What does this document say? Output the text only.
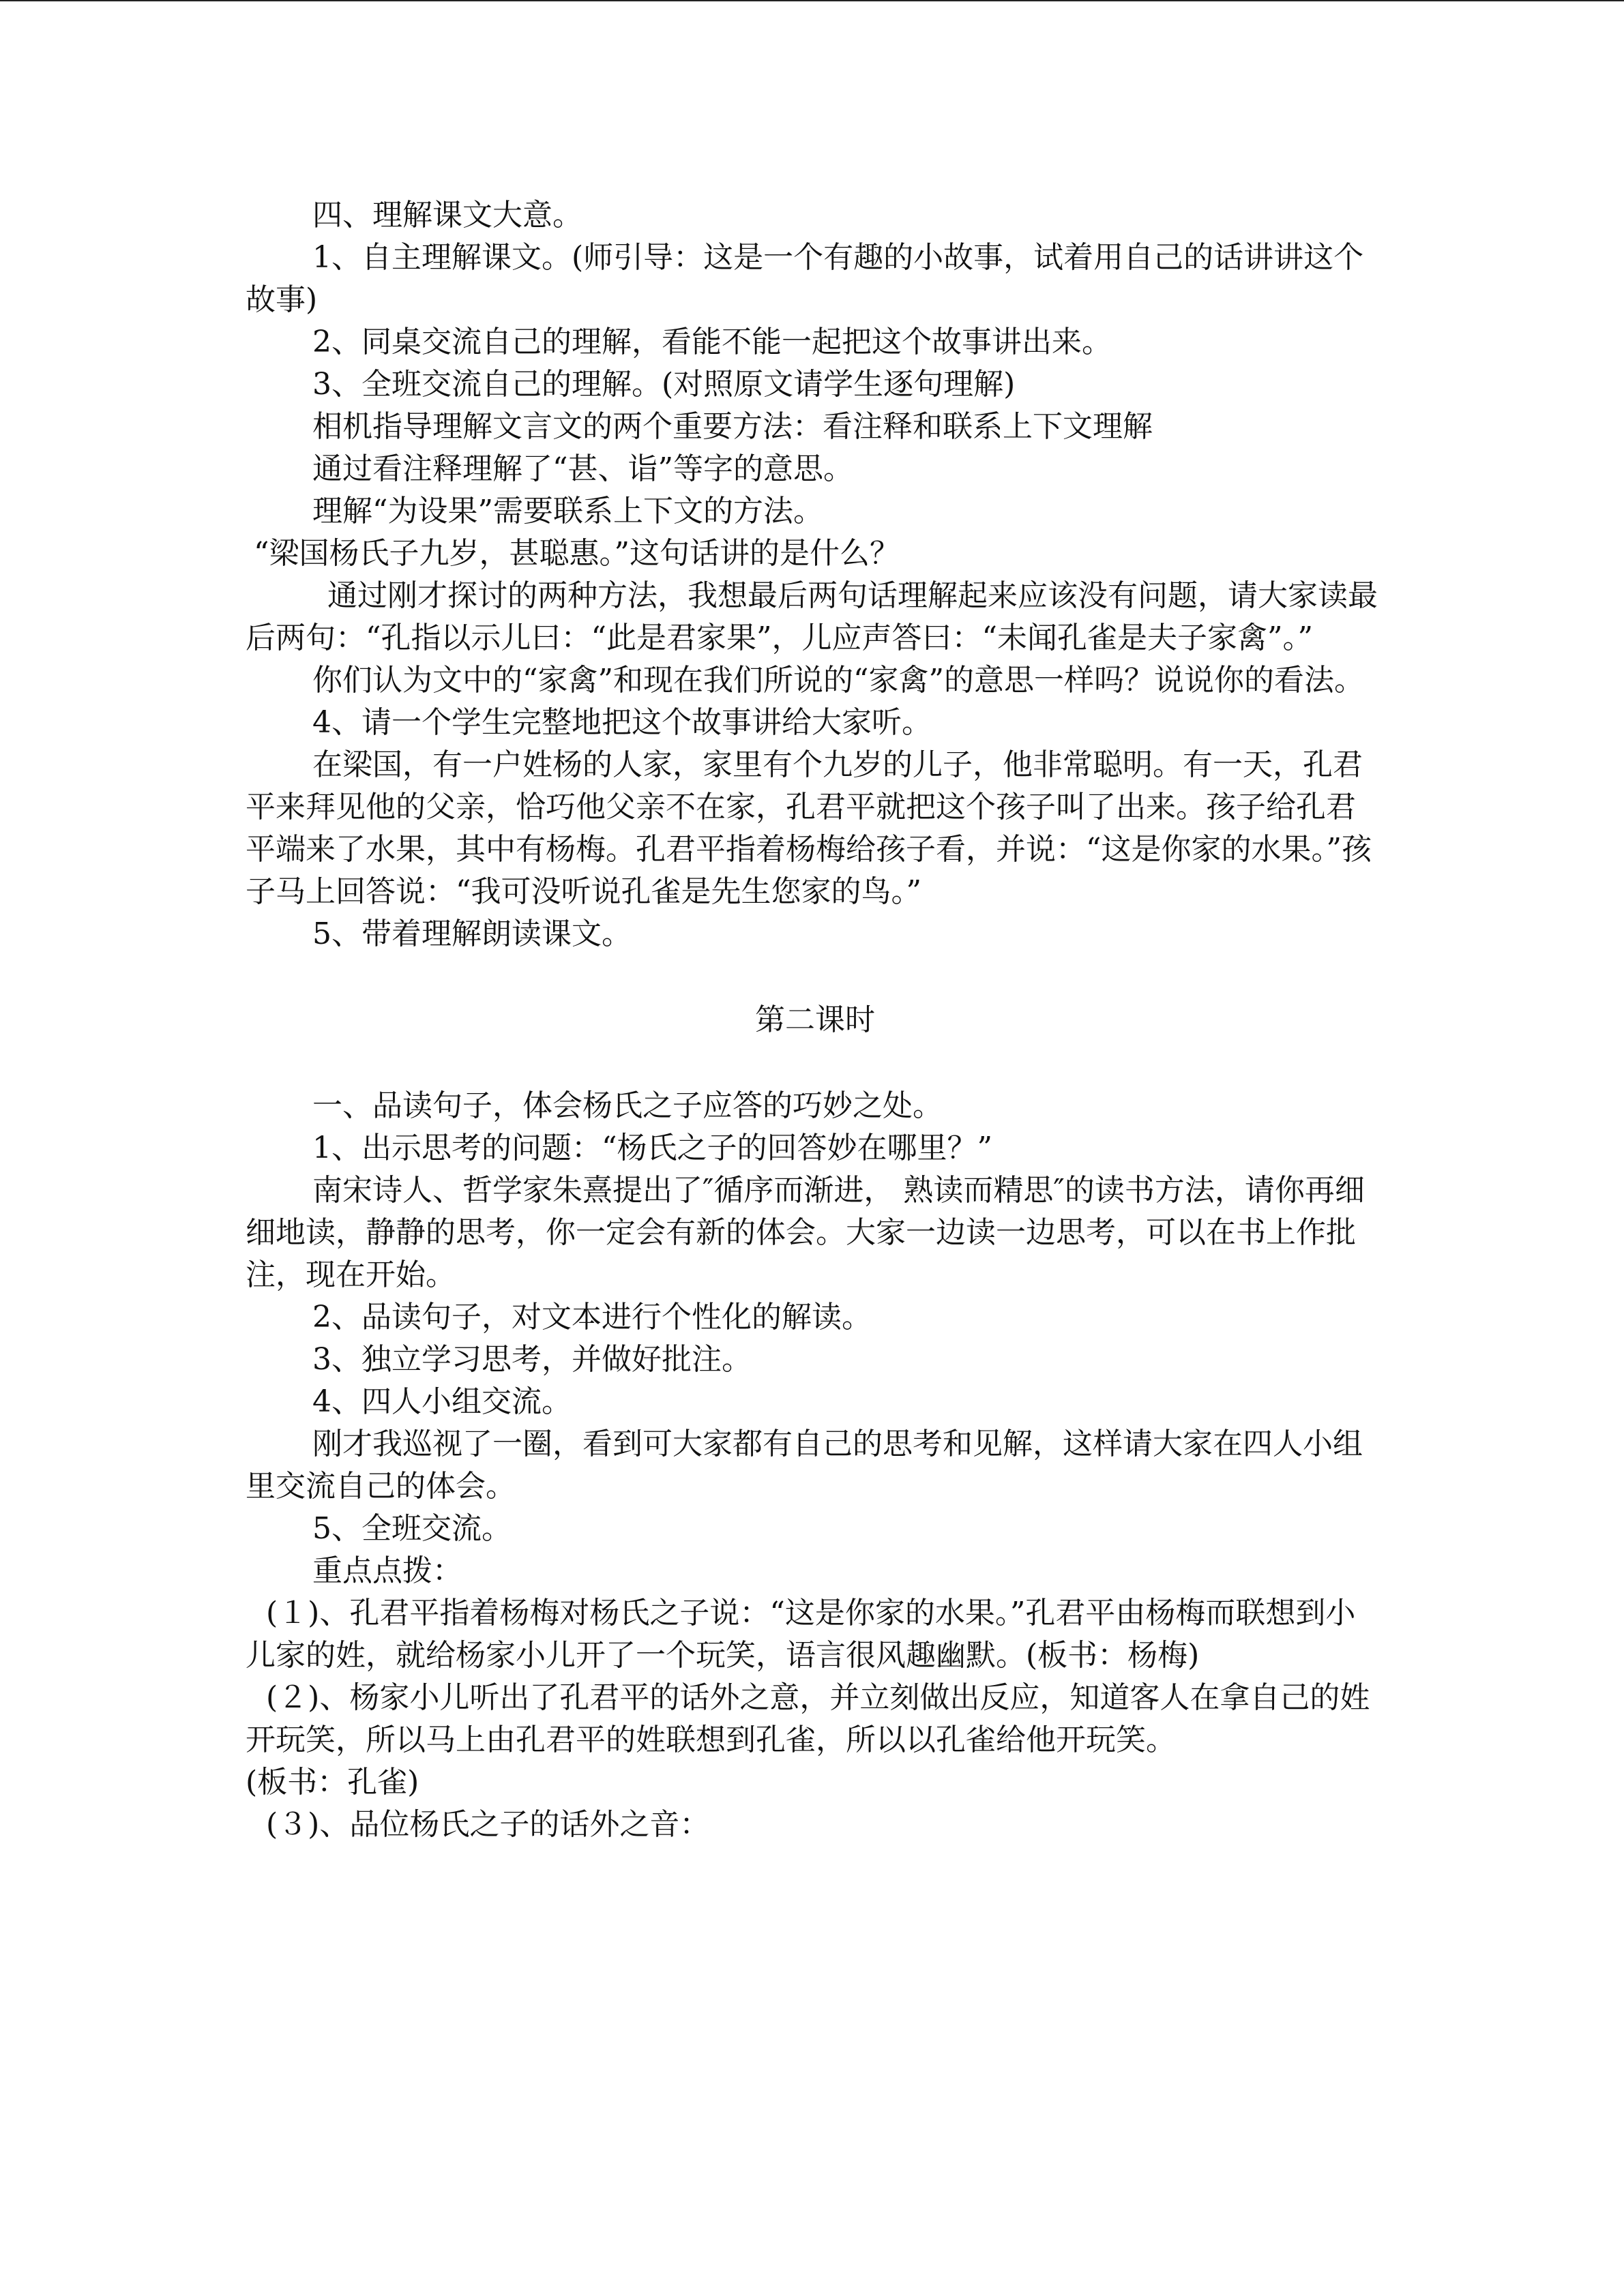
四、理解课文大意。
1、自主理解课文。(师引导：这是一个有趣的小故事，试着用自己的话讲讲这个故事)
2、同桌交流自己的理解，看能不能一起把这个故事讲出来。
3、全班交流自己的理解。(对照原文请学生逐句理解)
相机指导理解文言文的两个重要方法：看注释和联系上下文理解
通过看注释理解了“甚、诣”等字的意思。
理解“为设果”需要联系上下文的方法。
“梁国杨氏子九岁，甚聪惠。”这句话讲的是什么？
通过刚才探讨的两种方法，我想最后两句话理解起来应该没有问题，请大家读最后两句：“孔指以示儿曰：“此是君家果”，儿应声答曰：“未闻孔雀是夫子家禽”。”
你们认为文中的“家禽”和现在我们所说的“家禽”的意思一样吗？说说你的看法。
4、请一个学生完整地把这个故事讲给大家听。
在梁国，有一户姓杨的人家，家里有个九岁的儿子，他非常聪明。有一天，孔君平来拜见他的父亲，恰巧他父亲不在家，孔君平就把这个孩子叫了出来。孩子给孔君平端来了水果，其中有杨梅。孔君平指着杨梅给孩子看，并说：“这是你家的水果。”孩子马上回答说：“我可没听说孔雀是先生您家的鸟。”
5、带着理解朗读课文。
第二课时
一、品读句子，体会杨氏之子应答的巧妙之处。
1、出示思考的问题：“杨氏之子的回答妙在哪里？”
南宋诗人、哲学家朱熹提出了″循序而渐进， 熟读而精思″的读书方法，请你再细细地读，静静的思考，你一定会有新的体会。大家一边读一边思考，可以在书上作批注，现在开始。
2、品读句子，对文本进行个性化的解读。
3、独立学习思考，并做好批注。
4、四人小组交流。
刚才我巡视了一圈，看到可大家都有自己的思考和见解，这样请大家在四人小组里交流自己的体会。
5、全班交流。
重点点拨：
(１)、孔君平指着杨梅对杨氏之子说：“这是你家的水果。”孔君平由杨梅而联想到小儿家的姓，就给杨家小儿开了一个玩笑，语言很风趣幽默。(板书：杨梅)
(２)、杨家小儿听出了孔君平的话外之意，并立刻做出反应，知道客人在拿自己的姓开玩笑，所以马上由孔君平的姓联想到孔雀，所以以孔雀给他开玩笑。
(板书：孔雀)
(３)、品位杨氏之子的话外之音：
